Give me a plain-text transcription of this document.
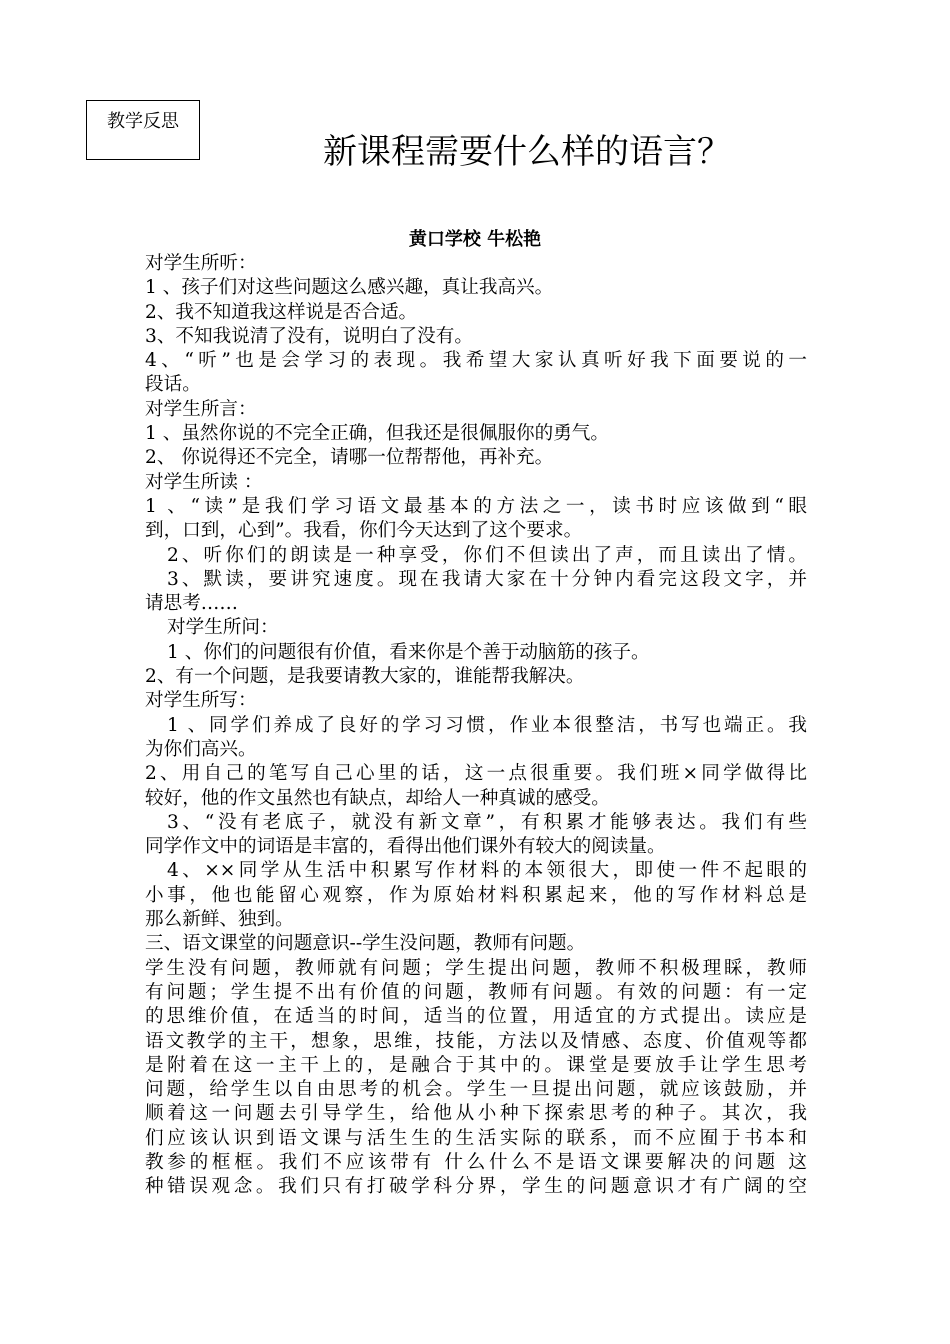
教学反思
新课程需要什么样的语言？
黄口学校 牛松艳
对学生所听：
1 、孩子们对这些问题这么感兴趣，真让我高兴。
2、我不知道我这样说是否合适。
3、不知我说清了没有，说明白了没有。
4、“听”也是会学习的表现。我希望大家认真听好我下面要说的一
段话。
对学生所言：
1 、虽然你说的不完全正确，但我还是很佩服你的勇气。
2、 你说得还不完全，请哪一位帮帮他，再补充。
对学生所读 ：
1 、“读”是我们学习语文最基本的方法之一，读书时应该做到“眼
到，口到，心到”。我看，你们今天达到了这个要求。
2、听你们的朗读是一种享受，你们不但读出了声，而且读出了情。
3、默读，要讲究速度。现在我请大家在十分钟内看完这段文字，并
请思考……
对学生所问：
1 、你们的问题很有价值，看来你是个善于动脑筋的孩子。
2、有一个问题，是我要请教大家的，谁能帮我解决。
对学生所写：
1 、同学们养成了良好的学习习惯，作业本很整洁，书写也端正。我
为你们高兴。
2、用自己的笔写自己心里的话，这一点很重要。我们班×同学做得比
较好，他的作文虽然也有缺点，却给人一种真诚的感受。
3、“没有老底子，就没有新文章”，有积累才能够表达。我们有些
同学作文中的词语是丰富的，看得出他们课外有较大的阅读量。
4、××同学从生活中积累写作材料的本领很大，即使一件不起眼的
小事，他也能留心观察，作为原始材料积累起来，他的写作材料总是
那么新鲜、独到。
三、语文课堂的问题意识--学生没问题，教师有问题。
学生没有问题，教师就有问题；学生提出问题，教师不积极理睬，教师
有问题；学生提不出有价值的问题，教师有问题。有效的问题：有一定
的思维价值，在适当的时间，适当的位置，用适宜的方式提出。读应是
语文教学的主干，想象，思维，技能，方法以及情感、态度、价值观等都
是附着在这一主干上的，是融合于其中的。课堂是要放手让学生思考
问题，给学生以自由思考的机会。学生一旦提出问题，就应该鼓励，并
顺着这一问题去引导学生，给他从小种下探索思考的种子。其次，我
们应该认识到语文课与活生生的生活实际的联系，而不应囿于书本和
教参的框框。我们不应该带有 什么什么不是语文课要解决的问题 这
种错误观念。我们只有打破学科分界，学生的问题意识才有广阔的空
